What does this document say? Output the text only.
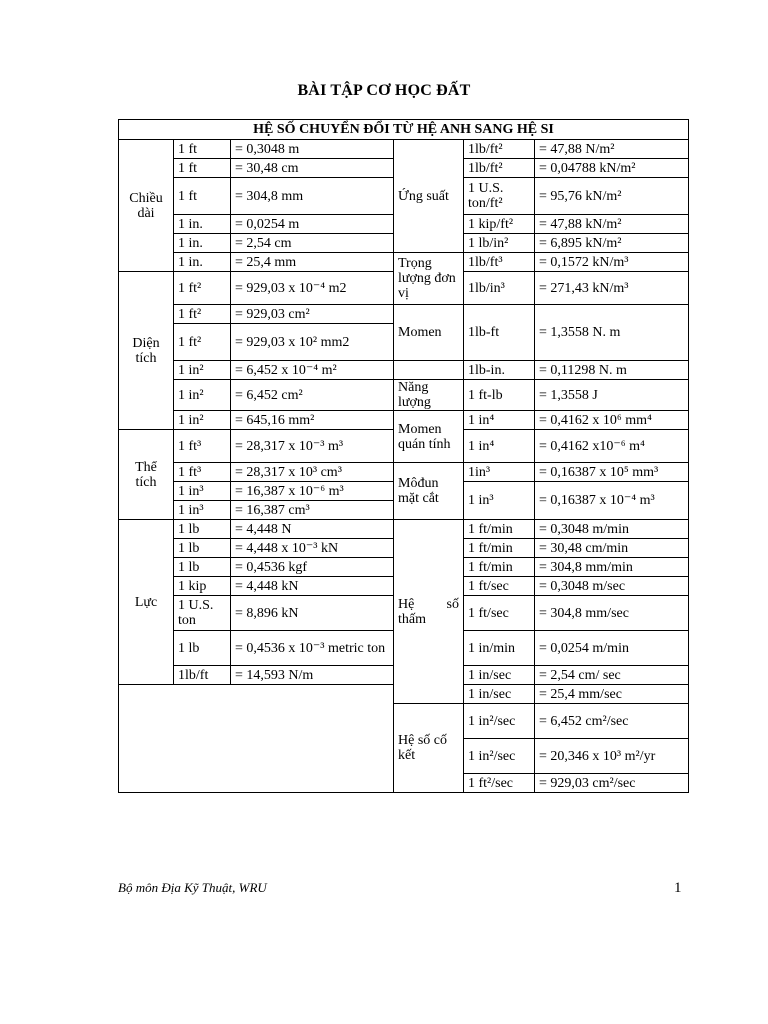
BÀI TẬP CƠ HỌC ĐẤT
HỆ SỐ CHUYỂN ĐỔI TỪ HỆ ANH SANG HỆ SI					
Chiều dài	1 ft	= 0,3048 m	Ứng suất	1lb/ft²	= 47,88 N/m²
	1 ft	= 30,48 cm		1lb/ft²	= 0,04788 kN/m²
	1 ft	= 304,8 mm		1 U.S. ton/ft²	= 95,76 kN/m²
	1 in.	= 0,0254 m		1 kip/ft²	= 47,88 kN/m²
	1 in.	= 2,54 cm		1 lb/in²	= 6,895 kN/m²
	1 in.	= 25,4 mm	Trọng lượng đơn vị	1lb/ft³	= 0,1572 kN/m³
Diện tích	1 ft²	= 929,03 x 10⁻⁴ m2		1lb/in³	= 271,43 kN/m³
	1 ft²	= 929,03 cm²	Momen	1lb-ft	= 1,3558 N. m
	1 ft²	= 929,03 x 10² mm2			
	1 in²	= 6,452 x 10⁻⁴ m²		1lb-in.	= 0,11298 N. m
	1 in²	= 6,452 cm²	Năng lượng	1 ft-lb	= 1,3558 J
	1 in²	= 645,16 mm²	Momen quán tính	1 in⁴	= 0,4162 x 10⁶ mm⁴
Thể tích	1 ft³	= 28,317 x 10⁻³ m³		1 in⁴	= 0,4162 x10⁻⁶ m⁴
	1 ft³	= 28,317 x 10³ cm³	Môđun mặt cắt	1in³	= 0,16387 x 10⁵ mm³
	1 in³	= 16,387 x 10⁻⁶ m³		1 in³	= 0,16387 x 10⁻⁴ m³
	1 in³	= 16,387 cm³			
Lực	1 lb	= 4,448 N	Hệ số thấm	1 ft/min	= 0,3048 m/min
	1 lb	= 4,448 x 10⁻³ kN		1 ft/min	= 30,48 cm/min
	1 lb	= 0,4536 kgf		1 ft/min	= 304,8 mm/min
	1 kip	= 4,448 kN		1 ft/sec	= 0,3048 m/sec
	1 U.S. ton	= 8,896 kN		1 ft/sec	= 304,8 mm/sec
	1 lb	= 0,4536 x 10⁻³ metric ton		1 in/min	= 0,0254 m/min
	1lb/ft	= 14,593 N/m		1 in/sec	= 2,54 cm/ sec
				1 in/sec	= 25,4 mm/sec
			Hệ số cố kết	1 in²/sec	= 6,452 cm²/sec
				1 in²/sec	= 20,346 x 10³ m²/yr
				1 ft²/sec	= 929,03 cm²/sec
Bộ môn Địa Kỹ Thuật, WRU	1
